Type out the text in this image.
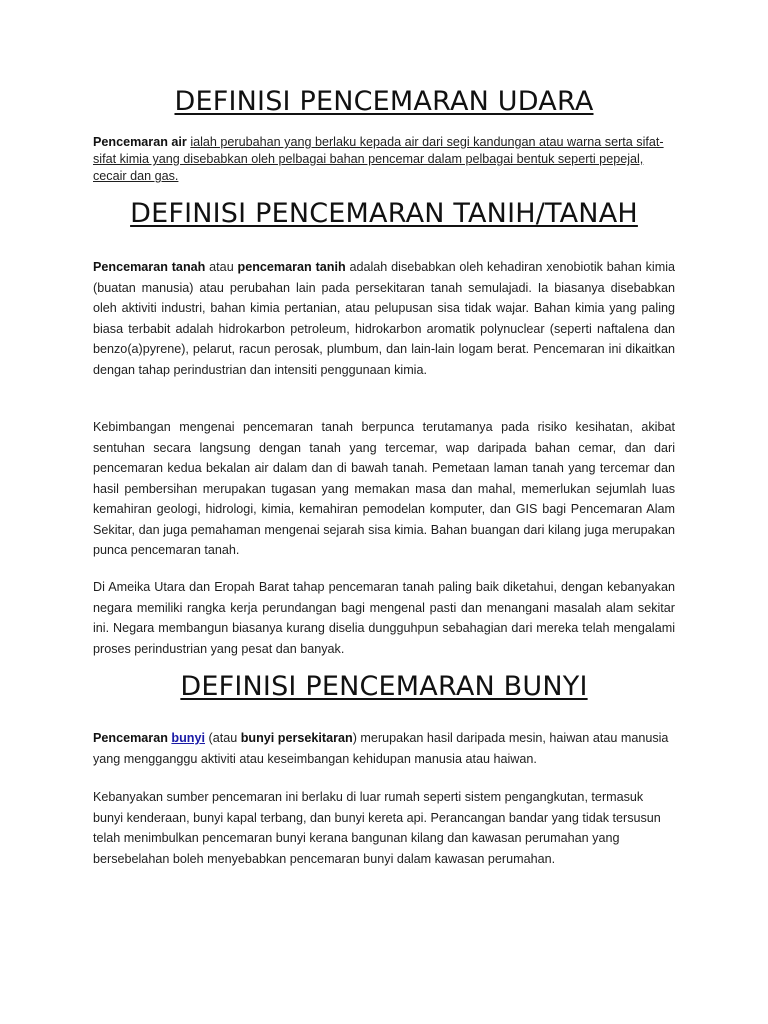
DEFINISI PENCEMARAN UDARA

Pencemaran air ialah perubahan yang berlaku kepada air dari segi kandungan atau warna serta sifat-sifat kimia yang disebabkan oleh pelbagai bahan pencemar dalam pelbagai bentuk seperti pepejal, cecair dan gas.

DEFINISI PENCEMARAN TANIH/TANAH

Pencemaran tanah atau pencemaran tanih adalah disebabkan oleh kehadiran xenobiotik bahan kimia (buatan manusia) atau perubahan lain pada persekitaran tanah semulajadi. Ia biasanya disebabkan oleh aktiviti industri, bahan kimia pertanian, atau pelupusan sisa tidak wajar. Bahan kimia yang paling biasa terbabit adalah hidrokarbon petroleum, hidrokarbon aromatik polynuclear (seperti naftalena dan benzo(a)pyrene), pelarut, racun perosak, plumbum, dan lain-lain logam berat. Pencemaran ini dikaitkan dengan tahap perindustrian dan intensiti penggunaan kimia.

Kebimbangan mengenai pencemaran tanah berpunca terutamanya pada risiko kesihatan, akibat sentuhan secara langsung dengan tanah yang tercemar, wap daripada bahan cemar, dan dari pencemaran kedua bekalan air dalam dan di bawah tanah. Pemetaan laman tanah yang tercemar dan hasil pembersihan merupakan tugasan yang memakan masa dan mahal, memerlukan sejumlah luas kemahiran geologi, hidrologi, kimia, kemahiran pemodelan komputer, dan GIS bagi Pencemaran Alam Sekitar, dan juga pemahaman mengenai sejarah sisa kimia. Bahan buangan dari kilang juga merupakan punca pencemaran tanah.

Di Ameika Utara dan Eropah Barat tahap pencemaran tanah paling baik diketahui, dengan kebanyakan negara memiliki rangka kerja perundangan bagi mengenal pasti dan menangani masalah alam sekitar ini. Negara membangun biasanya kurang diselia dungguhpun sebahagian dari mereka telah mengalami proses perindustrian yang pesat dan banyak.

DEFINISI PENCEMARAN BUNYI

Pencemaran bunyi (atau bunyi persekitaran) merupakan hasil daripada mesin, haiwan atau manusia yang mengganggu aktiviti atau keseimbangan kehidupan manusia atau haiwan.

Kebanyakan sumber pencemaran ini berlaku di luar rumah seperti sistem pengangkutan, termasuk bunyi kenderaan, bunyi kapal terbang, dan bunyi kereta api. Perancangan bandar yang tidak tersusun telah menimbulkan pencemaran bunyi kerana bangunan kilang dan kawasan perumahan yang bersebelahan boleh menyebabkan pencemaran bunyi dalam kawasan perumahan.
